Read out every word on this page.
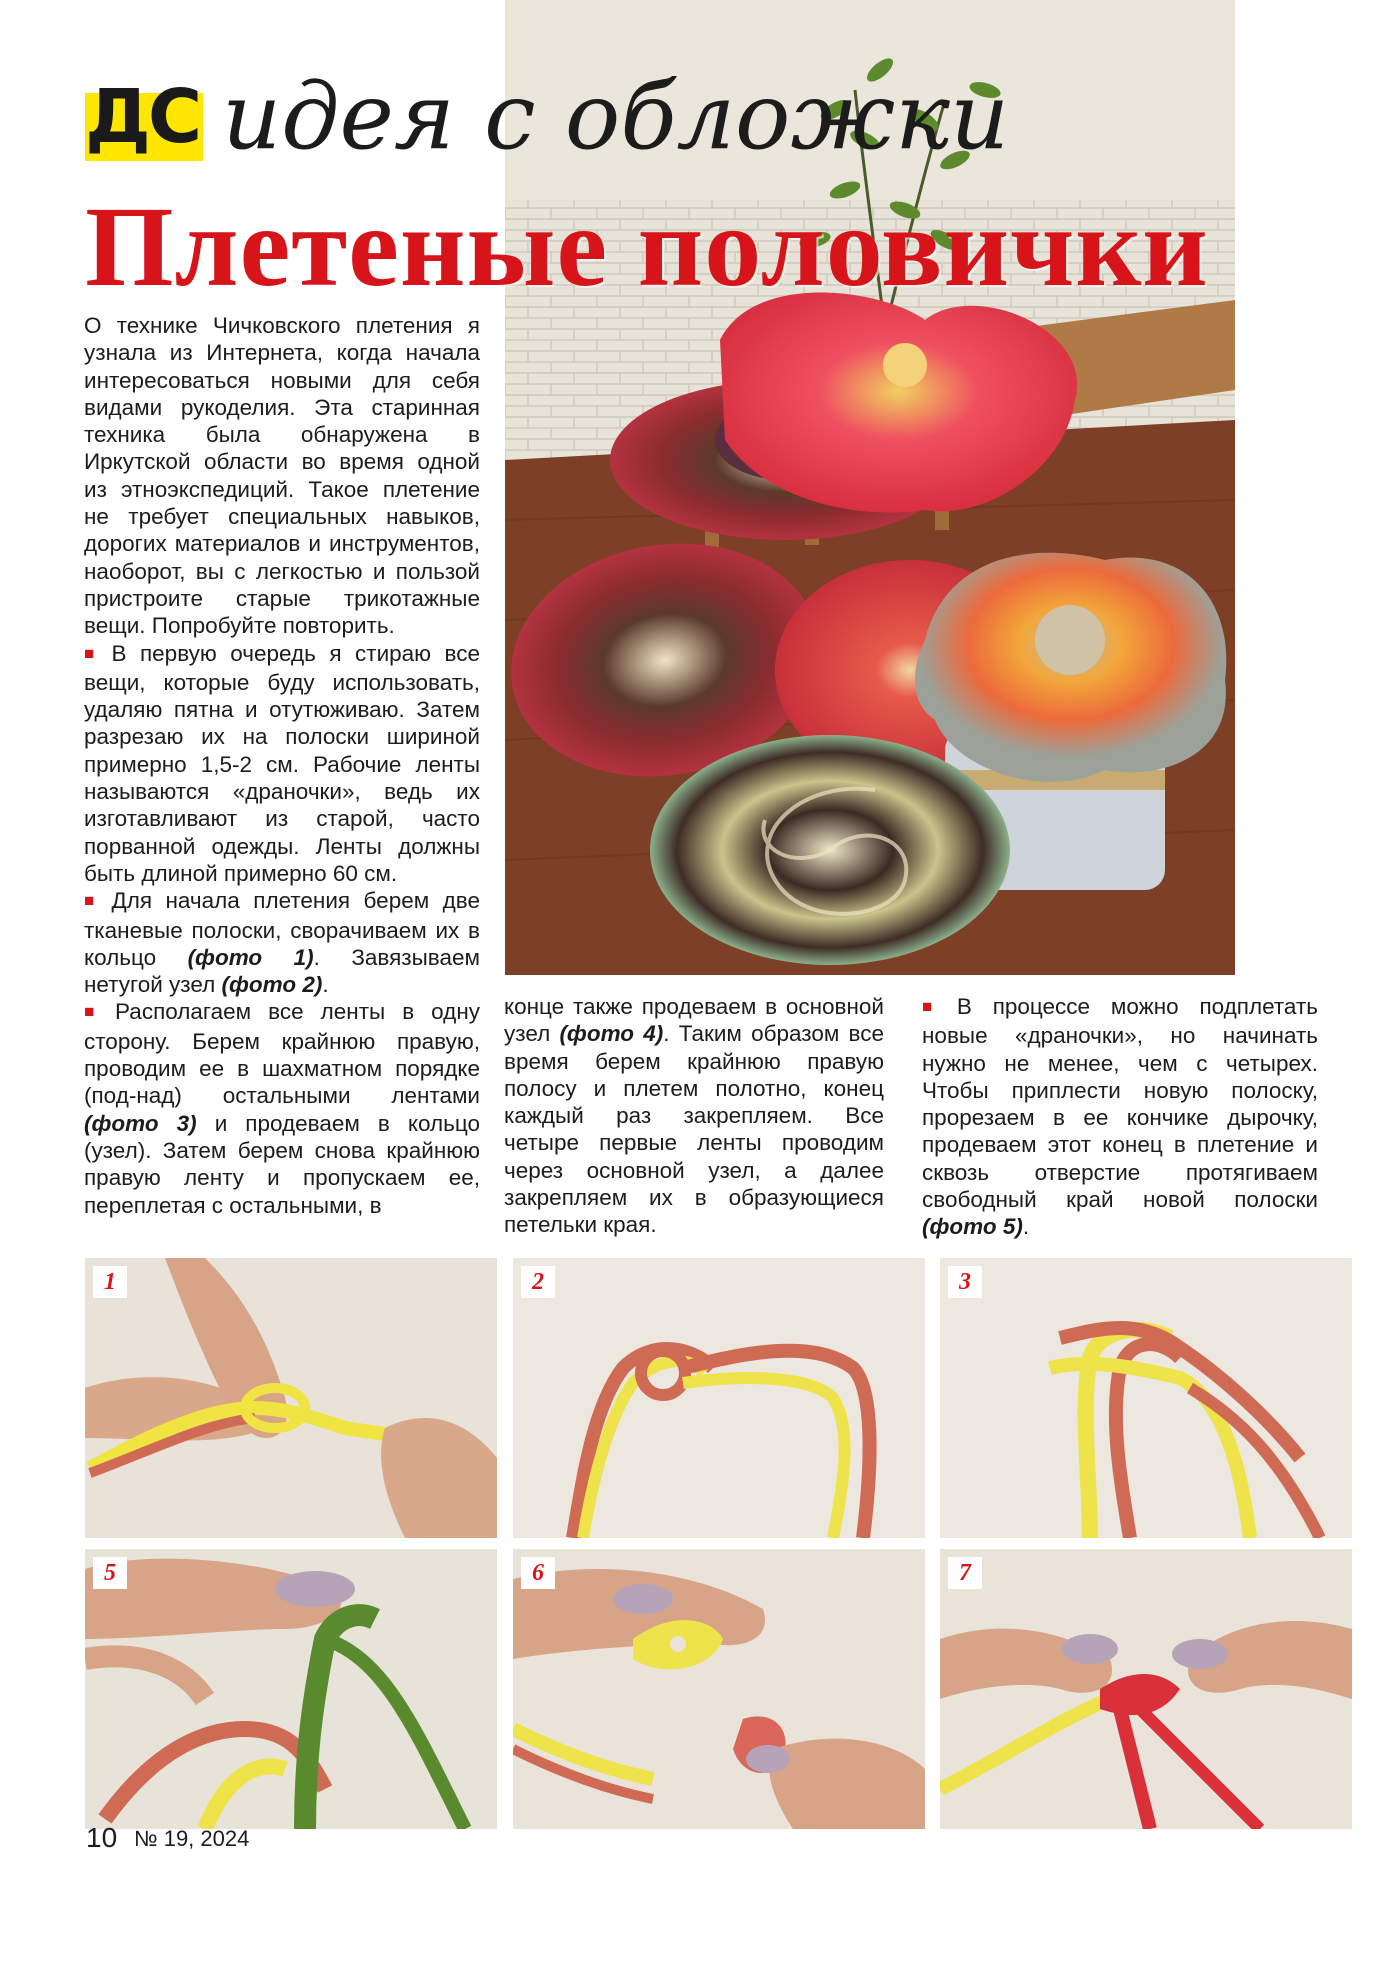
ДС идея с обложки
Плетеные половички

О технике Чичковского плетения я узнала из Интернета, когда начала интересоваться новыми для себя видами рукоделия. Эта старинная техника была обнаружена в Иркутской области во время одной из этноэкспедиций. Такое плетение не требует специальных навыков, дорогих материалов и инструментов, наоборот, вы с легкостью и пользой пристроите старые трикотажные вещи. Попробуйте повторить.

■ В первую очередь я стираю все вещи, которые буду использовать, удаляю пятна и отутюживаю. Затем разрезаю их на полоски шириной примерно 1,5-2 см. Рабочие ленты называются «драночки», ведь их изготавливают из старой, часто порванной одежды. Ленты должны быть длиной примерно 60 см.

■ Для начала плетения берем две тканевые полоски, сворачиваем их в кольцо (фото 1). Завязываем нетугой узел (фото 2).

■ Располагаем все ленты в одну сторону. Берем крайнюю правую, проводим ее в шахматном порядке (под-над) остальными лентами (фото 3) и продеваем в кольцо (узел). Затем берем снова крайнюю правую ленту и пропускаем ее, переплетая с остальными, в

конце также продеваем в основной узел (фото 4). Таким образом все время берем крайнюю правую полосу и плетем полотно, конец каждый раз закрепляем. Все четыре первые ленты проводим через основной узел, а далее закрепляем их в образующиеся петельки края.

■ В процессе можно подплетать новые «драночки», но начинать нужно не менее, чем с четырех. Чтобы приплести новую полоску, прорезаем в ее кончике дырочку, продеваем этот конец в плетение и сквозь отверстие протягиваем свободный край новой полоски (фото 5).

1	2	3
5	6	7
10 № 19, 2024
